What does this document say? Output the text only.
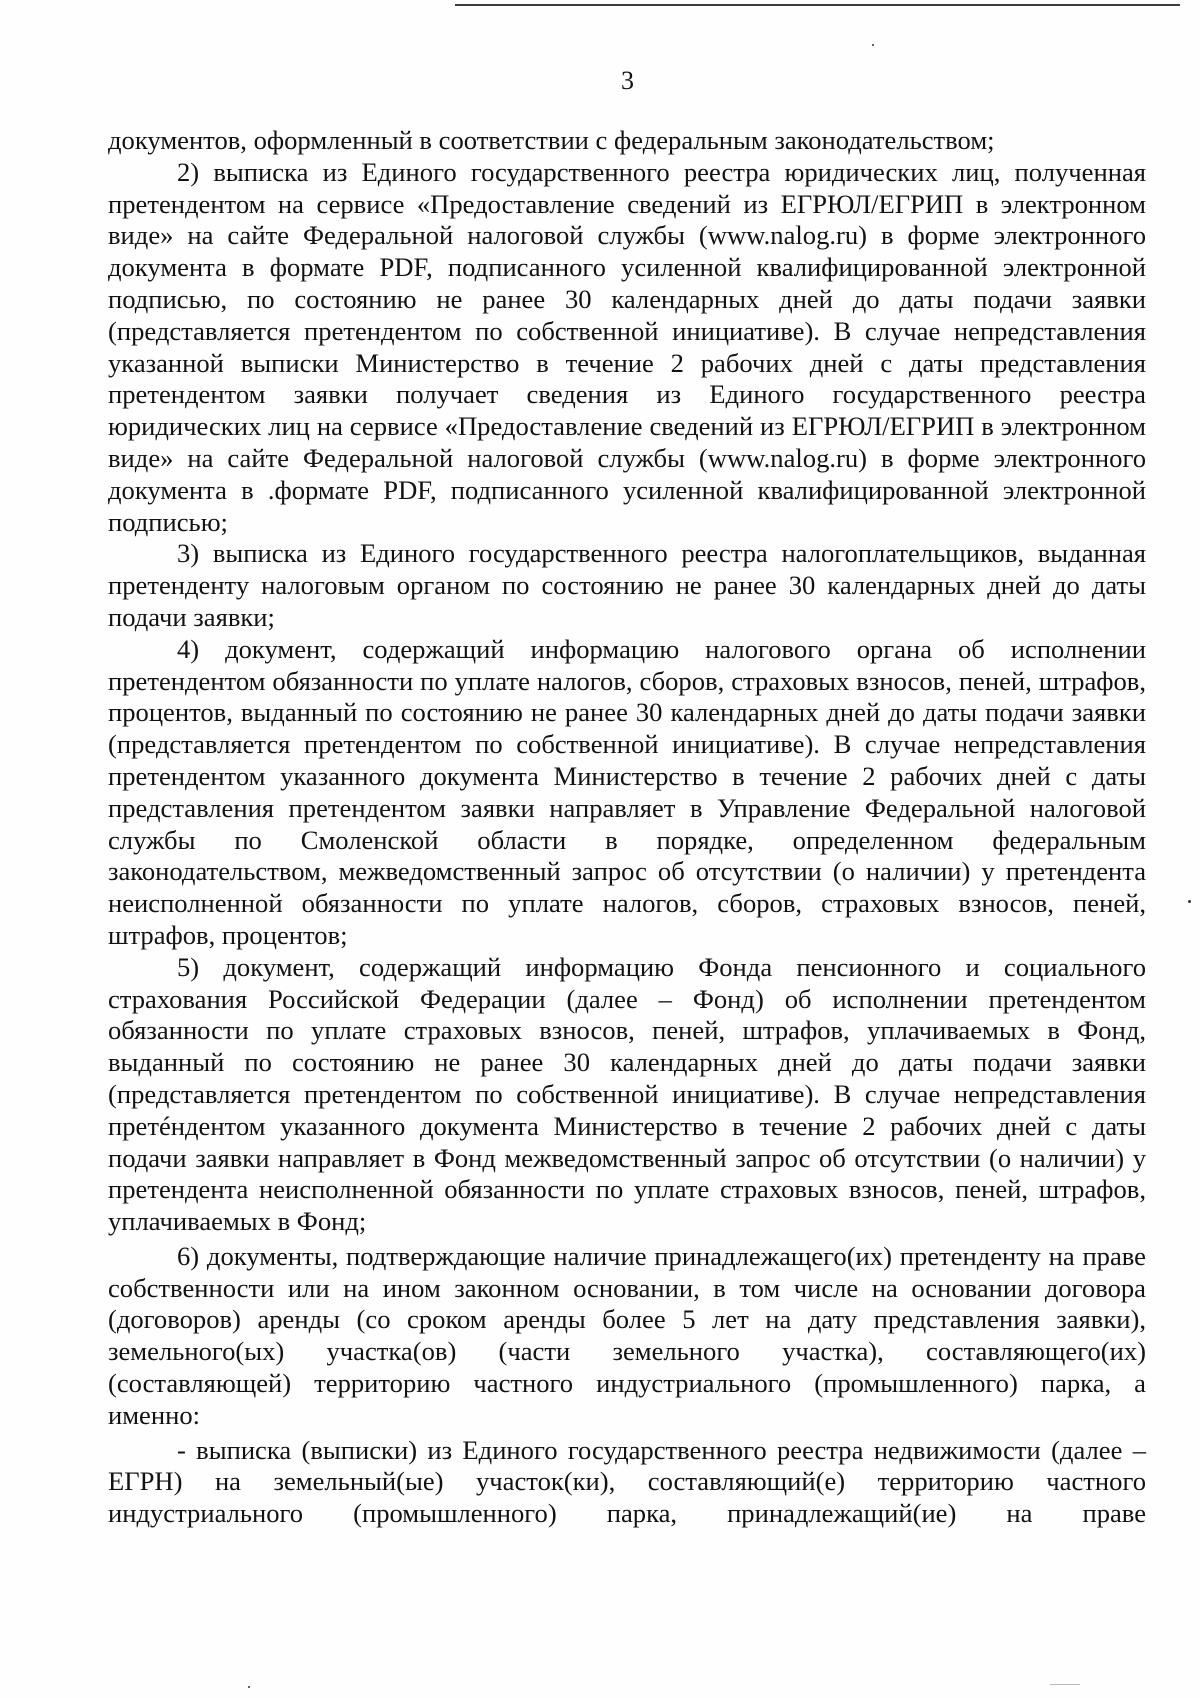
3

документов, оформленный в соответствии с федеральным законодательством;

2) выписка из Единого государственного реестра юридических лиц, полученная претендентом на сервисе «Предоставление сведений из ЕГРЮЛ/ЕГРИП в электронном виде» на сайте Федеральной налоговой службы (www.nalog.ru) в форме электронного документа в формате PDF, подписанного усиленной квалифицированной электронной подписью, по состоянию не ранее 30 календарных дней до даты подачи заявки (представляется претендентом по собственной инициативе). В случае непредставления указанной выписки Министерство в течение 2 рабочих дней с даты представления претендентом заявки получает сведения из Единого государственного реестра юридических лиц на сервисе «Предоставление сведений из ЕГРЮЛ/ЕГРИП в электронном виде» на сайте Федеральной налоговой службы (www.nalog.ru) в форме электронного документа в .формате PDF, подписанного усиленной квалифицированной электронной подписью;

3) выписка из Единого государственного реестра налогоплательщиков, выданная претенденту налоговым органом по состоянию не ранее 30 календарных дней до даты подачи заявки;

4) документ, содержащий информацию налогового органа об исполнении претендентом обязанности по уплате налогов, сборов, страховых взносов, пеней, штрафов, процентов, выданный по состоянию не ранее 30 календарных дней до даты подачи заявки (представляется претендентом по собственной инициативе). В случае непредставления претендентом указанного документа Министерство в течение 2 рабочих дней с даты представления претендентом заявки направляет в Управление Федеральной налоговой службы по Смоленской области в порядке, определенном федеральным законодательством, межведомственный запрос об отсутствии (о наличии) у претендента неисполненной обязанности по уплате налогов, сборов, страховых взносов, пеней, штрафов, процентов;

5) документ, содержащий информацию Фонда пенсионного и социального страхования Российской Федерации (далее – Фонд) об исполнении претендентом обязанности по уплате страховых взносов, пеней, штрафов, уплачиваемых в Фонд, выданный по состоянию не ранее 30 календарных дней до даты подачи заявки (представляется претендентом по собственной инициативе). В случае непредставления претéндентом указанного документа Министерство в течение 2 рабочих дней с даты подачи заявки направляет в Фонд межведомственный запрос об отсутствии (о наличии) у претендента неисполненной обязанности по уплате страховых взносов, пеней, штрафов, уплачиваемых в Фонд;

6) документы, подтверждающие наличие принадлежащего(их) претенденту на праве собственности или на ином законном основании, в том числе на основании договора (договоров) аренды (со сроком аренды более 5 лет на дату представления заявки), земельного(ых) участка(ов) (части земельного участка), составляющего(их) (составляющей) территорию частного индустриального (промышленного) парка, а именно:

- выписка (выписки) из Единого государственного реестра недвижимости (далее – ЕГРН) на земельный(ые) участок(ки), составляющий(е) территорию частного индустриального (промышленного) парка, принадлежащий(ие) на праве
